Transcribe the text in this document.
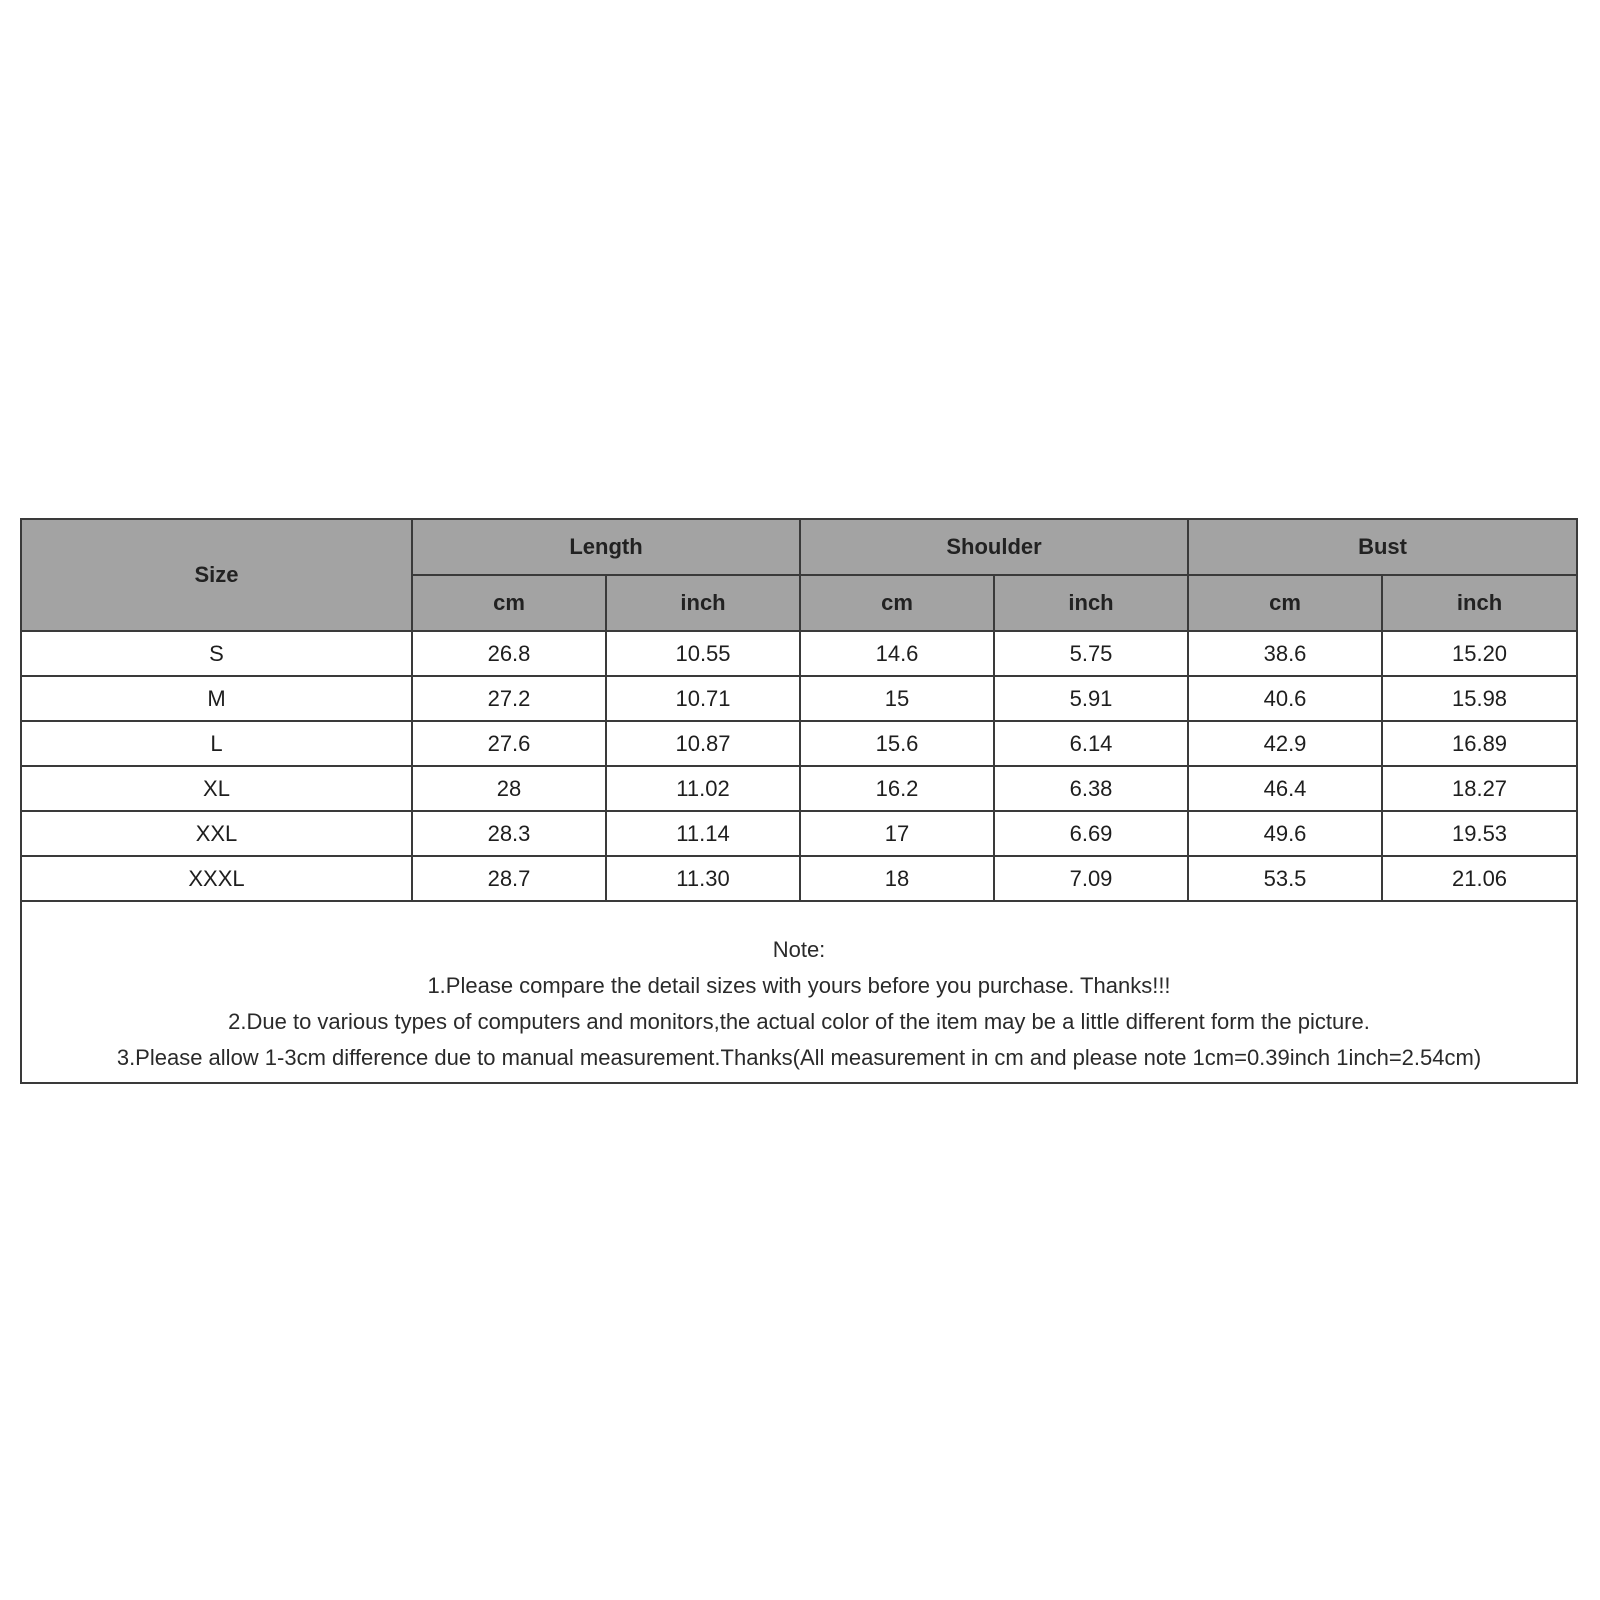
Size	Length		Shoulder		Bust	
	cm	inch	cm	inch	cm	inch
S	26.8	10.55	14.6	5.75	38.6	15.20
M	27.2	10.71	15	5.91	40.6	15.98
L	27.6	10.87	15.6	6.14	42.9	16.89
XL	28	11.02	16.2	6.38	46.4	18.27
XXL	28.3	11.14	17	6.69	49.6	19.53
XXXL	28.7	11.30	18	7.09	53.5	21.06
Note:
1.Please compare the detail sizes with yours before you purchase. Thanks!!!
2.Due to various types of computers and monitors,the actual color of the item may be a little different form the picture.
3.Please allow 1-3cm difference due to manual measurement.Thanks(All measurement in cm and please note 1cm=0.39inch 1inch=2.54cm)
